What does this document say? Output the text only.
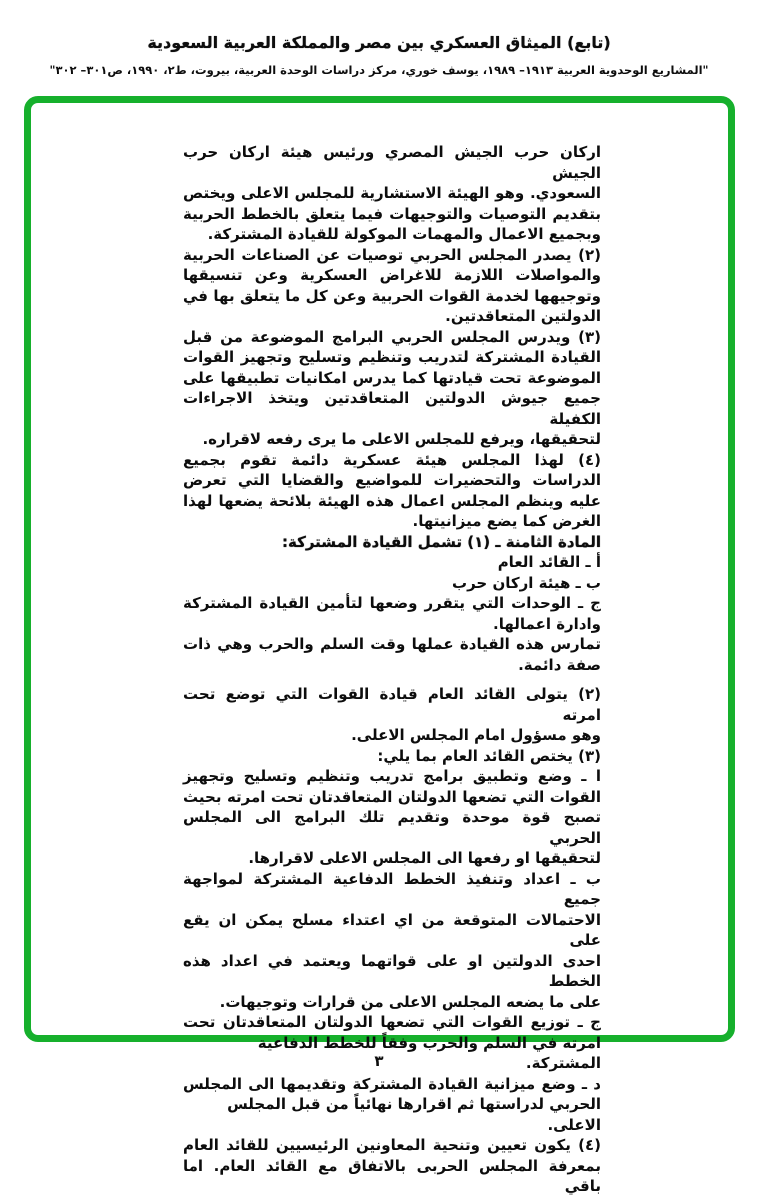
(تابع) الميثاق العسكري بين مصر والمملكة العربية السعودية
"المشاريع الوحدوية العربية ١٩١٣– ١٩٨٩، يوسف خوري، مركز دراسات الوحدة العربية، بيروت، ط٢، ١٩٩٠، ص٣٠١– ٣٠٢"
اركان حرب الجيش المصري ورئيس هيئة اركان حرب الجيش
السعودي. وهو الهيئة الاستشارية للمجلس الاعلى ويختص
بتقديم التوصيات والتوجيهات فيما يتعلق بالخطط الحربية
وبجميع الاعمال والمهمات الموكولة للقيادة المشتركة.
(٢) يصدر المجلس الحربي توصيات عن الصناعات الحربية
والمواصلات اللازمة للاغراض العسكرية وعن تنسيقها
وتوجيهها لخدمة القوات الحربية وعن كل ما يتعلق بها في
الدولتين المتعاقدتين.
(٣) ويدرس المجلس الحربي البرامج الموضوعة من قبل
القيادة المشتركة لتدريب وتنظيم وتسليح وتجهيز القوات
الموضوعة تحت قيادتها كما يدرس امكانيات تطبيقها على
جميع جيوش الدولتين المتعاقدتين ويتخذ الاجراءات الكفيلة
لتحقيقها، ويرفع للمجلس الاعلى ما يرى رفعه لاقراره.
(٤) لهذا المجلس هيئة عسكرية دائمة تقوم بجميع
الدراسات والتحضيرات للمواضيع والقضايا التي تعرض
عليه وينظم المجلس اعمال هذه الهيئة بلائحة يضعها لهذا
الغرض كما يضع ميزانيتها.
المادة الثامنة ـ (١) تشمل القيادة المشتركة:
أ ـ القائد العام
ب ـ هيئة اركان حرب
ج ـ الوحدات التي يتقرر وضعها لتأمين القيادة المشتركة
وادارة اعمالها.
تمارس هذه القيادة عملها وقت السلم والحرب وهي ذات
صفة دائمة.
(٢) يتولى القائد العام قيادة القوات التي توضع تحت امرته
وهو مسؤول امام المجلس الاعلى.
(٣) يختص القائد العام بما يلي:
ا ـ وضع وتطبيق برامج تدريب وتنظيم وتسليح وتجهيز
القوات التي تضعها الدولتان المتعاقدتان تحت امرته بحيث
تصبح قوة موحدة وتقديم تلك البرامج الى المجلس الحربي
لتحقيقها او رفعها الى المجلس الاعلى لاقرارها.
ب ـ اعداد وتنفيذ الخطط الدفاعية المشتركة لمواجهة جميع
الاحتمالات المتوقعة من اي اعتداء مسلح يمكن ان يقع على
احدى الدولتين او على قواتهما ويعتمد في اعداد هذه الخطط
على ما يضعه المجلس الاعلى من قرارات وتوجيهات.
ج ـ توزيع القوات التي تضعها الدولتان المتعاقدتان تحت
امرته في السلم والحرب وفقاً للخطط الدفاعية المشتركة.
د ـ وضع ميزانية القيادة المشتركة وتقديمها الى المجلس
الحربي لدراستها ثم اقرارها نهائياً من قبل المجلس الاعلى.
(٤) يكون تعيين وتنحية المعاونين الرئيسيين للقائد العام
بمعرفة المجلس الحربى بالاتفاق مع القائد العام. اما باقي
٣
